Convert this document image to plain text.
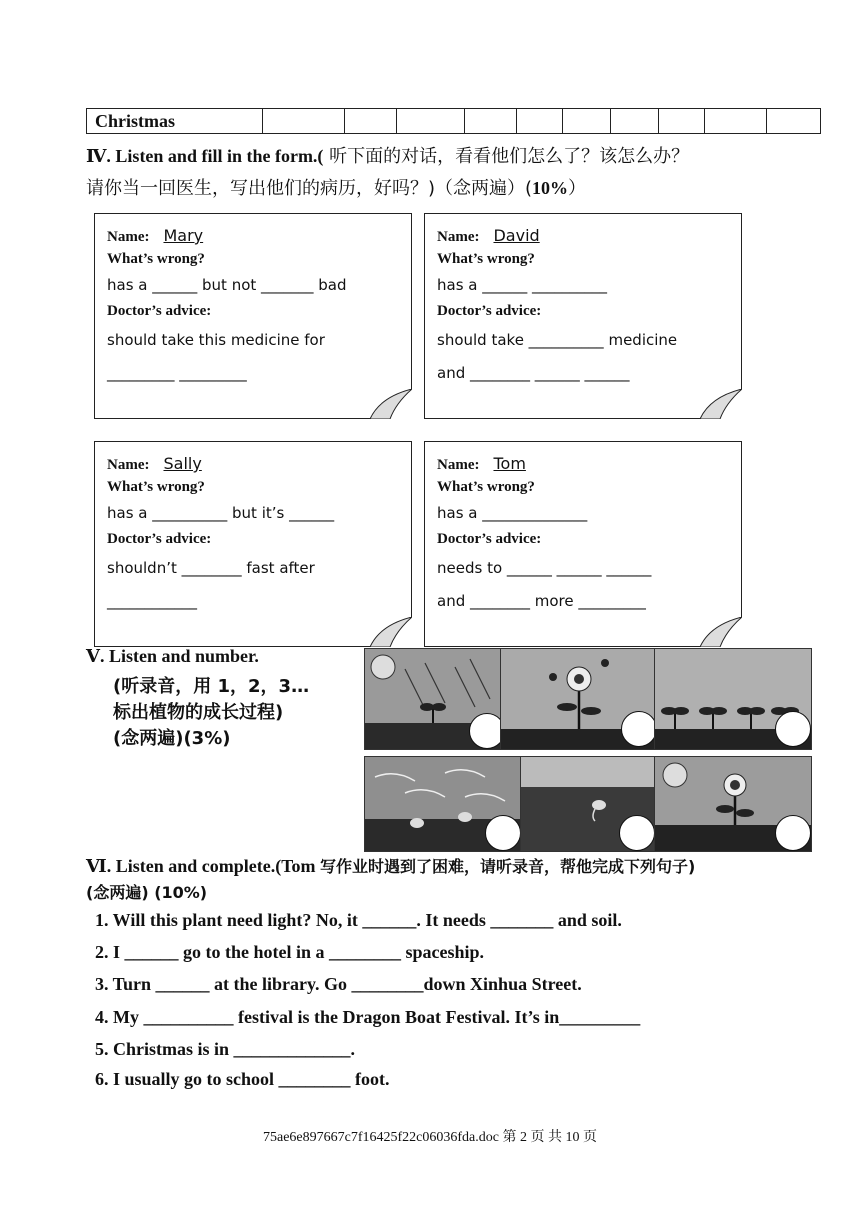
Christmas										
Ⅳ. Listen and fill in the form.( 听下面的对话，看看他们怎么了？该怎么办？
请你当一回医生，写出他们的病历，好吗？)（念两遍）(10%）
Name: Mary
What’s wrong?
has a ______ but not _______ bad
Doctor’s advice:
should take this medicine for
_________ _________
Name: David
What’s wrong?
has a ______ __________
Doctor’s advice:
should take __________ medicine
and ________ ______ ______
Name: Sally
What’s wrong?
has a __________ but it’s ______
Doctor’s advice:
shouldn’t ________ fast after
____________
Name: Tom
What’s wrong?
has a ______________
Doctor’s advice:
needs to ______ ______ ______
and ________ more _________
Ⅴ. Listen and number.
(听录音，用 1，2，3…
标出植物的成长过程)
(念两遍)(3%)
Ⅵ. Listen and complete.(Tom 写作业时遇到了困难，请听录音，帮他完成下列句子)
(念两遍) (10%)
1. Will this plant need light? No, it ______. It needs _______ and soil.
2. I ______ go to the hotel in a ________ spaceship.
3. Turn ______ at the library. Go ________down Xinhua Street.
4. My __________ festival is the Dragon Boat Festival. It’s in_________
5. Christmas is in _____________.
6. I usually go to school ________ foot.
75ae6e897667c7f16425f22c06036fda.doc 第 2 页 共 10 页
